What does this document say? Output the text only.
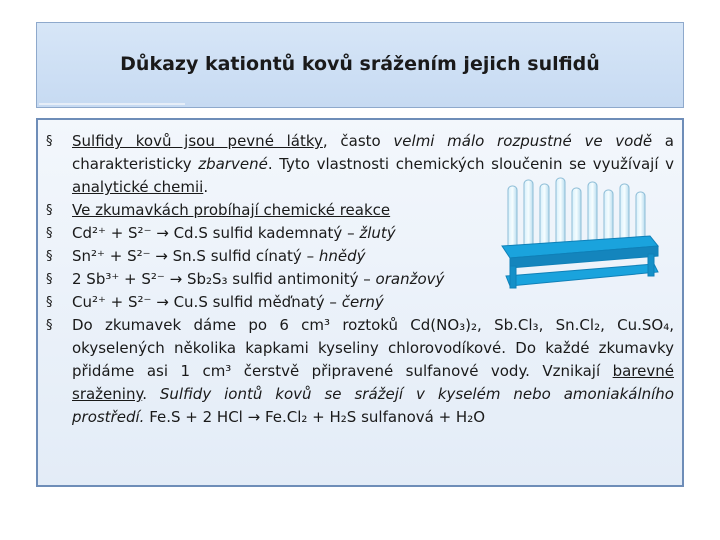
Důkazy kationtů kovů srážením jejich sulfidů
§ Sulfidy kovů jsou pevné látky, často velmi málo rozpustné ve vodě a charakteristicky zbarvené. Tyto vlastnosti chemických sloučenin se využívají v analytické chemii.
§ Ve zkumavkách probíhají chemické reakce
§ Cd²⁺ + S²⁻ → Cd.S sulfid kademnatý – žlutý
§ Sn²⁺ + S²⁻ → Sn.S sulfid cínatý – hnědý
§ 2 Sb³⁺ + S²⁻ → Sb₂S₃ sulfid antimonitý – oranžový
§ Cu²⁺ + S²⁻ → Cu.S sulfid měďnatý – černý
§ Do zkumavek dáme po 6 cm³ roztoků Cd(NO₃)₂, Sb.Cl₃, Sn.Cl₂, Cu.SO₄, okyselených několika kapkami kyseliny chlorovodíkové. Do každé zkumavky přidáme asi 1 cm³ čerstvě připravené sulfanové vody. Vznikají barevné sraženiny. Sulfidy iontů kovů se srážejí v kyselém nebo amoniakálního prostředí. Fe.S + 2 HCl → Fe.Cl₂ + H₂S sulfanová + H₂O
